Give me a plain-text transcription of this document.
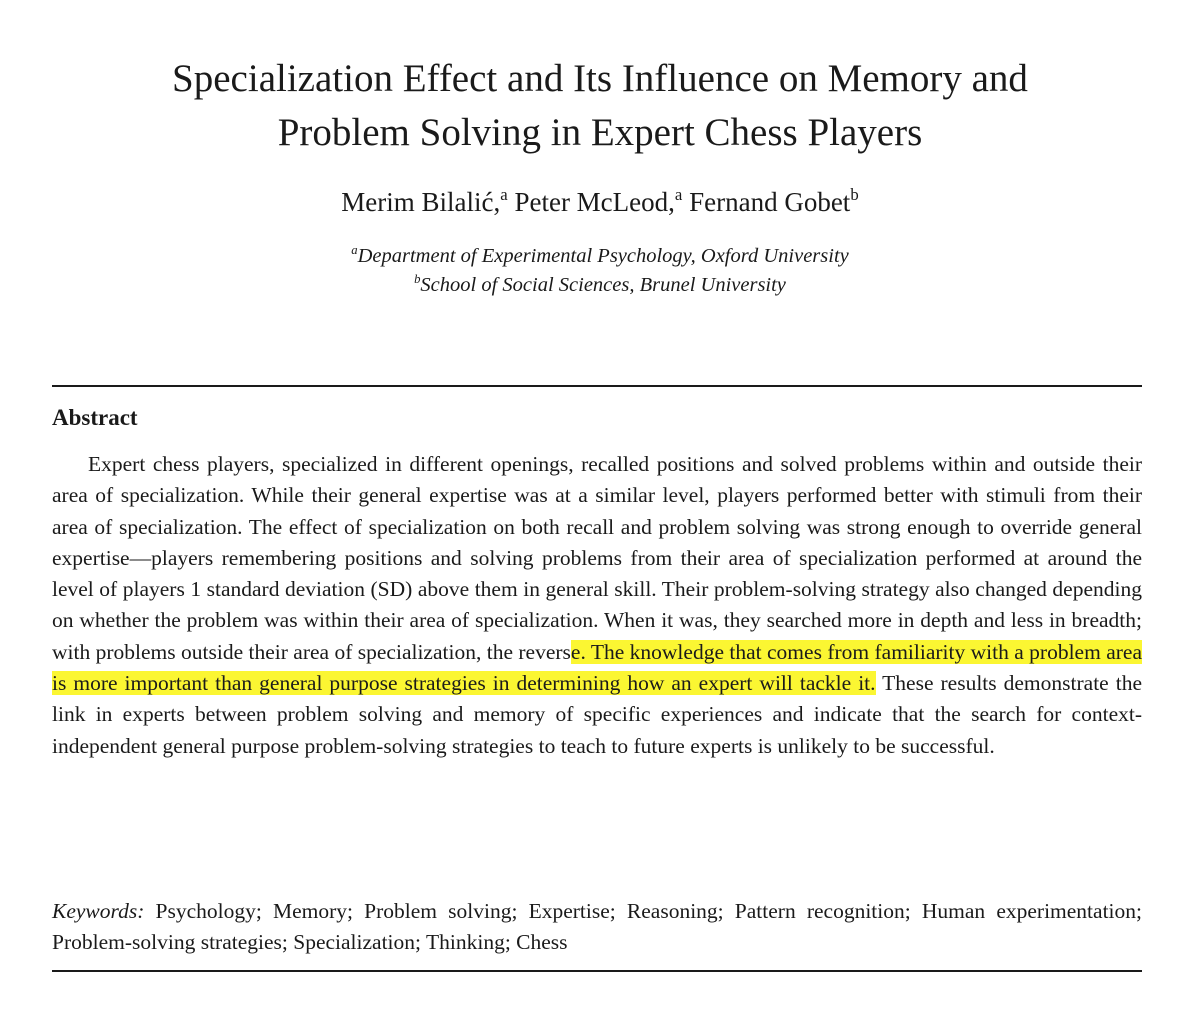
Specialization Effect and Its Influence on Memory and
Problem Solving in Expert Chess Players
Merim Bilalić,$^a$ Peter McLeod,$^a$ Fernand Gobet$^b$
$^a$Department of Experimental Psychology, Oxford University
$^b$School of Social Sciences, Brunel University
Abstract

Expert chess players, specialized in different openings, recalled positions and solved problems within and outside their area of specialization. While their general expertise was at a similar level, players performed better with stimuli from their area of specialization. The effect of specialization on both recall and problem solving was strong enough to override general expertise—players remembering positions and solving problems from their area of specialization performed at around the level of players 1 standard deviation (SD) above them in general skill. Their problem-solving strategy also changed depending on whether the problem was within their area of specialization. When it was, they searched more in depth and less in breadth; with problems outside their area of specialization, the reverse. The knowledge that comes from familiarity with a problem area is more important than general purpose strategies in determining how an expert will tackle it. These results demonstrate the link in experts between problem solving and memory of specific experiences and indicate that the search for context-independent general purpose problem-solving strategies to teach to future experts is unlikely to be successful.

Keywords: Psychology; Memory; Problem solving; Expertise; Reasoning; Pattern recognition; Human experimentation; Problem-solving strategies; Specialization; Thinking; Chess
